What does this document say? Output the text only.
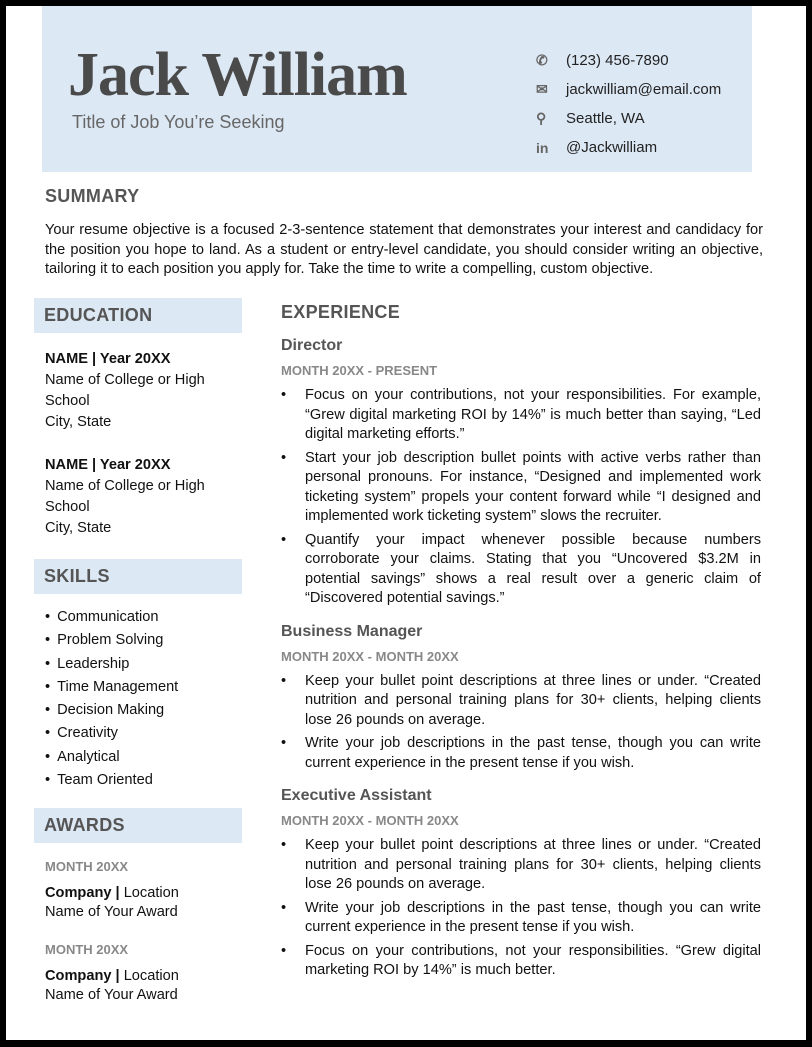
Jack William
Title of Job You’re Seeking
✆	(123) 456-7890
✉	jackwilliam@email.com
⚲	Seattle, WA
in	@Jackwilliam
SUMMARY
Your resume objective is a focused 2-3-sentence statement that demonstrates your interest and candidacy for the position you hope to land. As a student or entry-level candidate, you should consider writing an objective, tailoring it to each position you apply for. Take the time to write a compelling, custom objective.
EDUCATION
NAME | Year 20XX
Name of College or High School
City, State
NAME | Year 20XX
Name of College or High School
City, State
SKILLS
• Communication
• Problem Solving
• Leadership
• Time Management
• Decision Making
• Creativity
• Analytical
• Team Oriented
AWARDS
MONTH 20XX
Company | Location
Name of Your Award
MONTH 20XX
Company | Location
Name of Your Award
EXPERIENCE
Director
MONTH 20XX - PRESENT
• Focus on your contributions, not your responsibilities. For example, “Grew digital marketing ROI by 14%” is much better than saying, “Led digital marketing efforts.”
• Start your job description bullet points with active verbs rather than personal pronouns. For instance, “Designed and implemented work ticketing system” propels your content forward while “I designed and implemented work ticketing system” slows the recruiter.
• Quantify your impact whenever possible because numbers corroborate your claims. Stating that you “Uncovered $3.2M in potential savings” shows a real result over a generic claim of “Discovered potential savings.”
Business Manager
MONTH 20XX - MONTH 20XX
• Keep your bullet point descriptions at three lines or under. “Created nutrition and personal training plans for 30+ clients, helping clients lose 26 pounds on average.
• Write your job descriptions in the past tense, though you can write current experience in the present tense if you wish.
Executive Assistant
MONTH 20XX - MONTH 20XX
• Keep your bullet point descriptions at three lines or under. “Created nutrition and personal training plans for 30+ clients, helping clients lose 26 pounds on average.
• Write your job descriptions in the past tense, though you can write current experience in the present tense if you wish.
• Focus on your contributions, not your responsibilities. “Grew digital marketing ROI by 14%” is much better.
